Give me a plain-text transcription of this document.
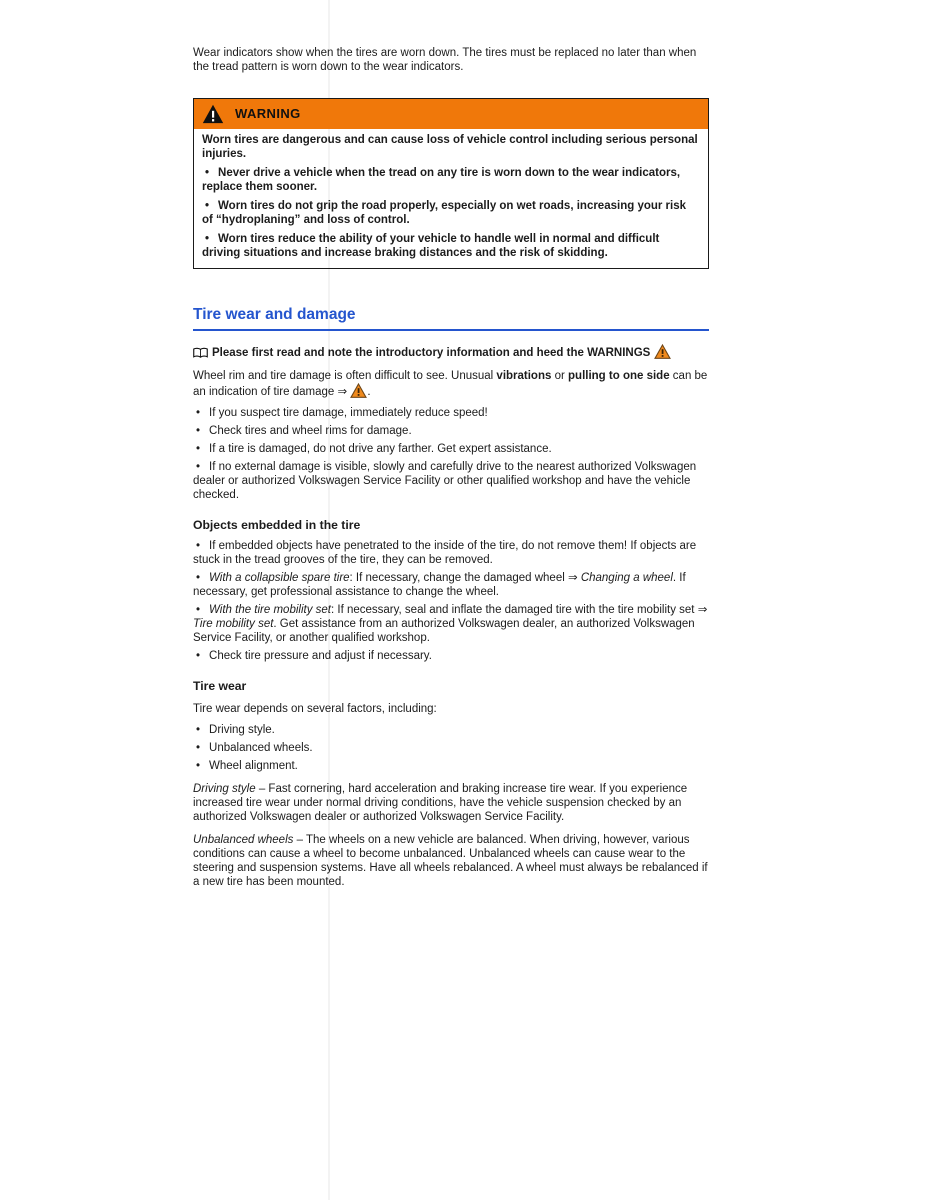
Wear indicators show when the tires are worn down. The tires must be replaced no later than when the tread pattern is worn down to the wear indicators.

WARNING

Worn tires are dangerous and can cause loss of vehicle control including serious personal injuries.

• Never drive a vehicle when the tread on any tire is worn down to the wear indicators, replace them sooner.
• Worn tires do not grip the road properly, especially on wet roads, increasing your risk of “hydroplaning” and loss of control.
• Worn tires reduce the ability of your vehicle to handle well in normal and difficult driving situations and increase braking distances and the risk of skidding.
Tire wear and damage

Please first read and note the introductory information and heed the WARNINGS

Wheel rim and tire damage is often difficult to see. Unusual vibrations or pulling to one side can be an indication of tire damage ⇒ .

• If you suspect tire damage, immediately reduce speed!
• Check tires and wheel rims for damage.
• If a tire is damaged, do not drive any farther. Get expert assistance.
• If no external damage is visible, slowly and carefully drive to the nearest authorized Volkswagen dealer or authorized Volkswagen Service Facility or other qualified workshop and have the vehicle checked.
Objects embedded in the tire
• If embedded objects have penetrated to the inside of the tire, do not remove them! If objects are stuck in the tread grooves of the tire, they can be removed.
• With a collapsible spare tire: If necessary, change the damaged wheel ⇒ Changing a wheel. If necessary, get professional assistance to change the wheel.
• With the tire mobility set: If necessary, seal and inflate the damaged tire with the tire mobility set ⇒ Tire mobility set. Get assistance from an authorized Volkswagen dealer, an authorized Volkswagen Service Facility, or another qualified workshop.
• Check tire pressure and adjust if necessary.
Tire wear

Tire wear depends on several factors, including:

• Driving style.
• Unbalanced wheels.
• Wheel alignment.

Driving style – Fast cornering, hard acceleration and braking increase tire wear. If you experience increased tire wear under normal driving conditions, have the vehicle suspension checked by an authorized Volkswagen dealer or authorized Volkswagen Service Facility.

Unbalanced wheels – The wheels on a new vehicle are balanced. When driving, however, various conditions can cause a wheel to become unbalanced. Unbalanced wheels can cause wear to the steering and suspension systems. Have all wheels rebalanced. A wheel must always be rebalanced if a new tire has been mounted.
